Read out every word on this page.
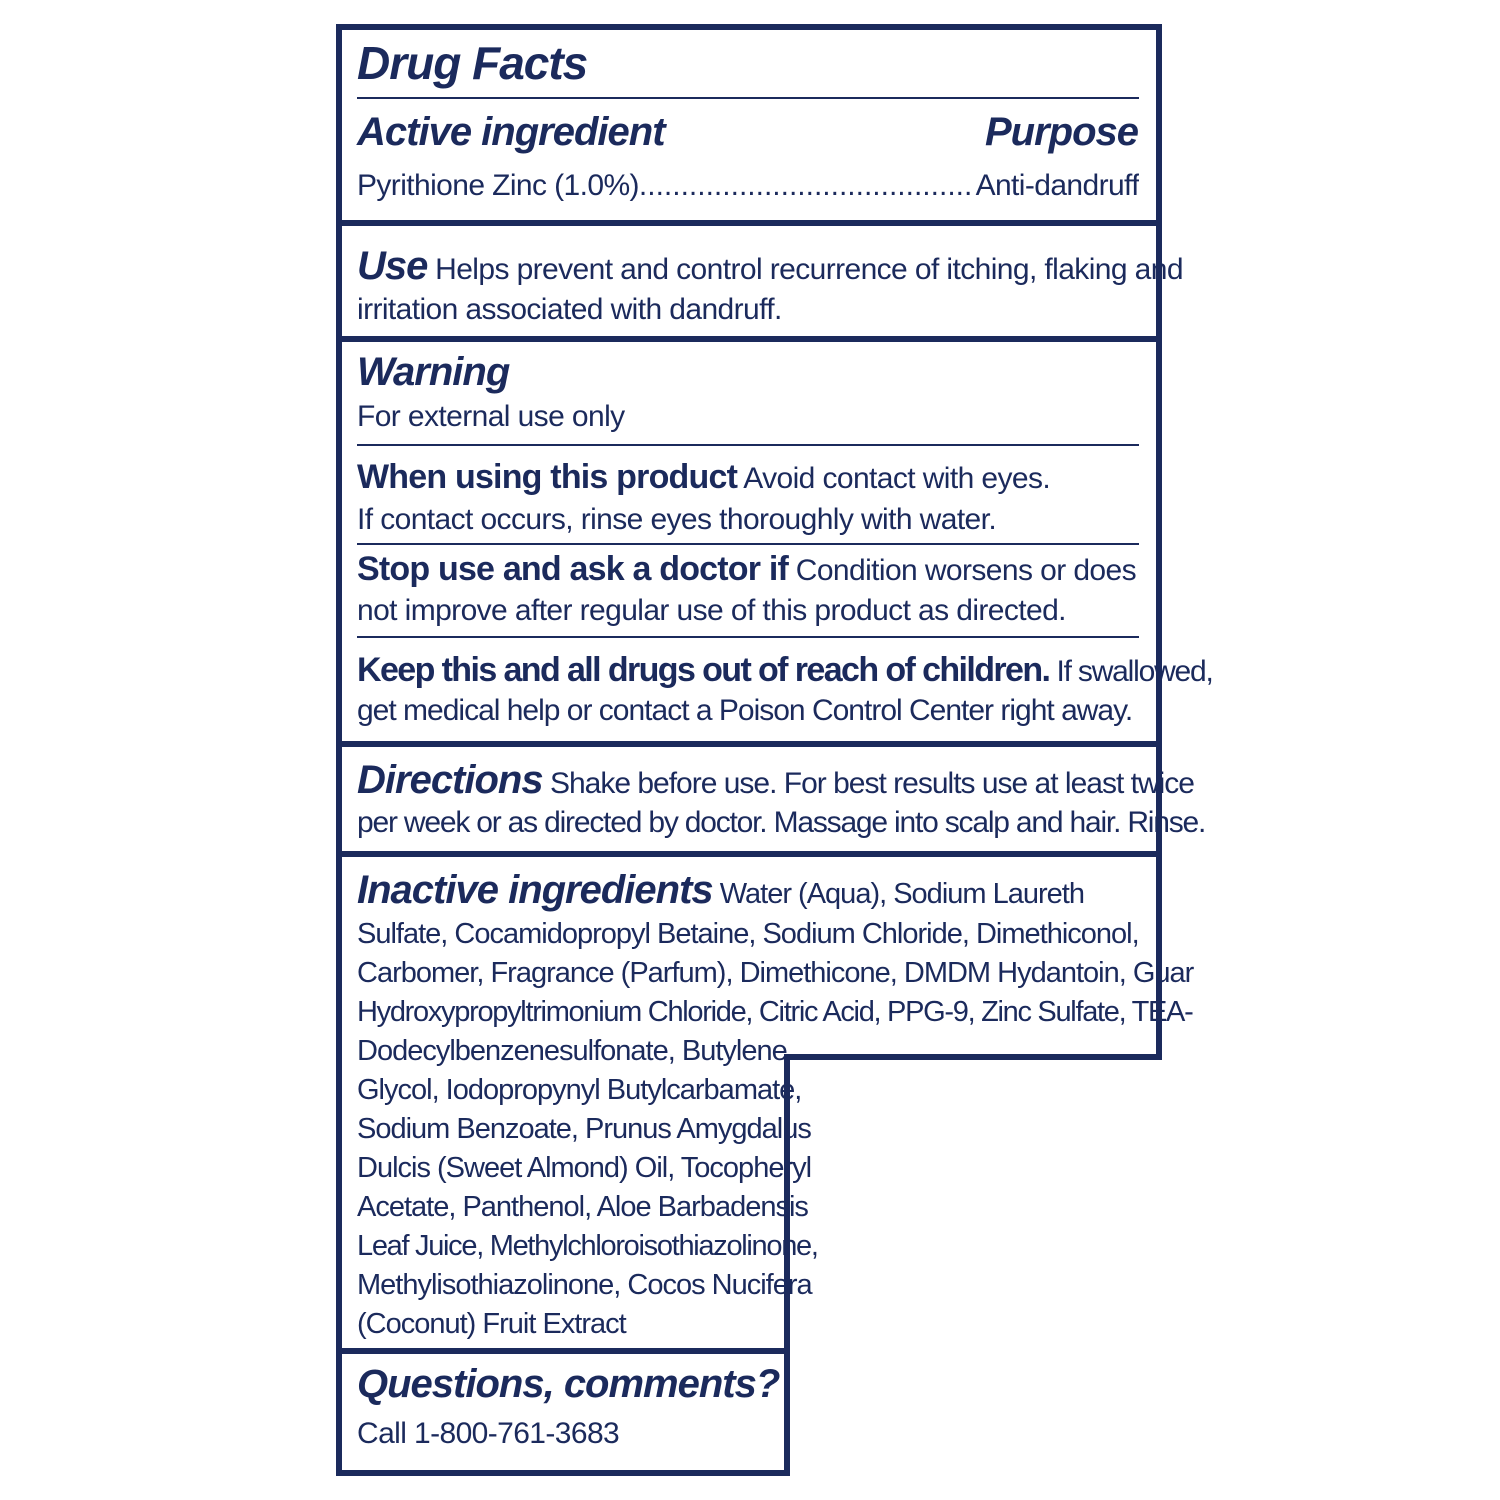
Drug Facts
Active ingredient	Purpose
Pyrithione Zinc (1.0%) ........................................ Anti-dandruff
Use Helps prevent and control recurrence of itching, flaking and
irritation associated with dandruff.
Warning
For external use only
When using this product Avoid contact with eyes.
If contact occurs, rinse eyes thoroughly with water.
Stop use and ask a doctor if Condition worsens or does
not improve after regular use of this product as directed.
Keep this and all drugs out of reach of children. If swallowed,
get medical help or contact a Poison Control Center right away.
Directions Shake before use. For best results use at least twice
per week or as directed by doctor. Massage into scalp and hair. Rinse.
Inactive ingredients Water (Aqua), Sodium Laureth
Sulfate, Cocamidopropyl Betaine, Sodium Chloride, Dimethiconol,
Carbomer, Fragrance (Parfum), Dimethicone, DMDM Hydantoin, Guar
Hydroxypropyltrimonium Chloride, Citric Acid, PPG-9, Zinc Sulfate, TEA-
Dodecylbenzenesulfonate, Butylene
Glycol, Iodopropynyl Butylcarbamate,
Sodium Benzoate, Prunus Amygdalus
Dulcis (Sweet Almond) Oil, Tocopheryl
Acetate, Panthenol, Aloe Barbadensis
Leaf Juice, Methylchloroisothiazolinone,
Methylisothiazolinone, Cocos Nucifera
(Coconut) Fruit Extract
Questions, comments?
Call 1-800-761-3683
